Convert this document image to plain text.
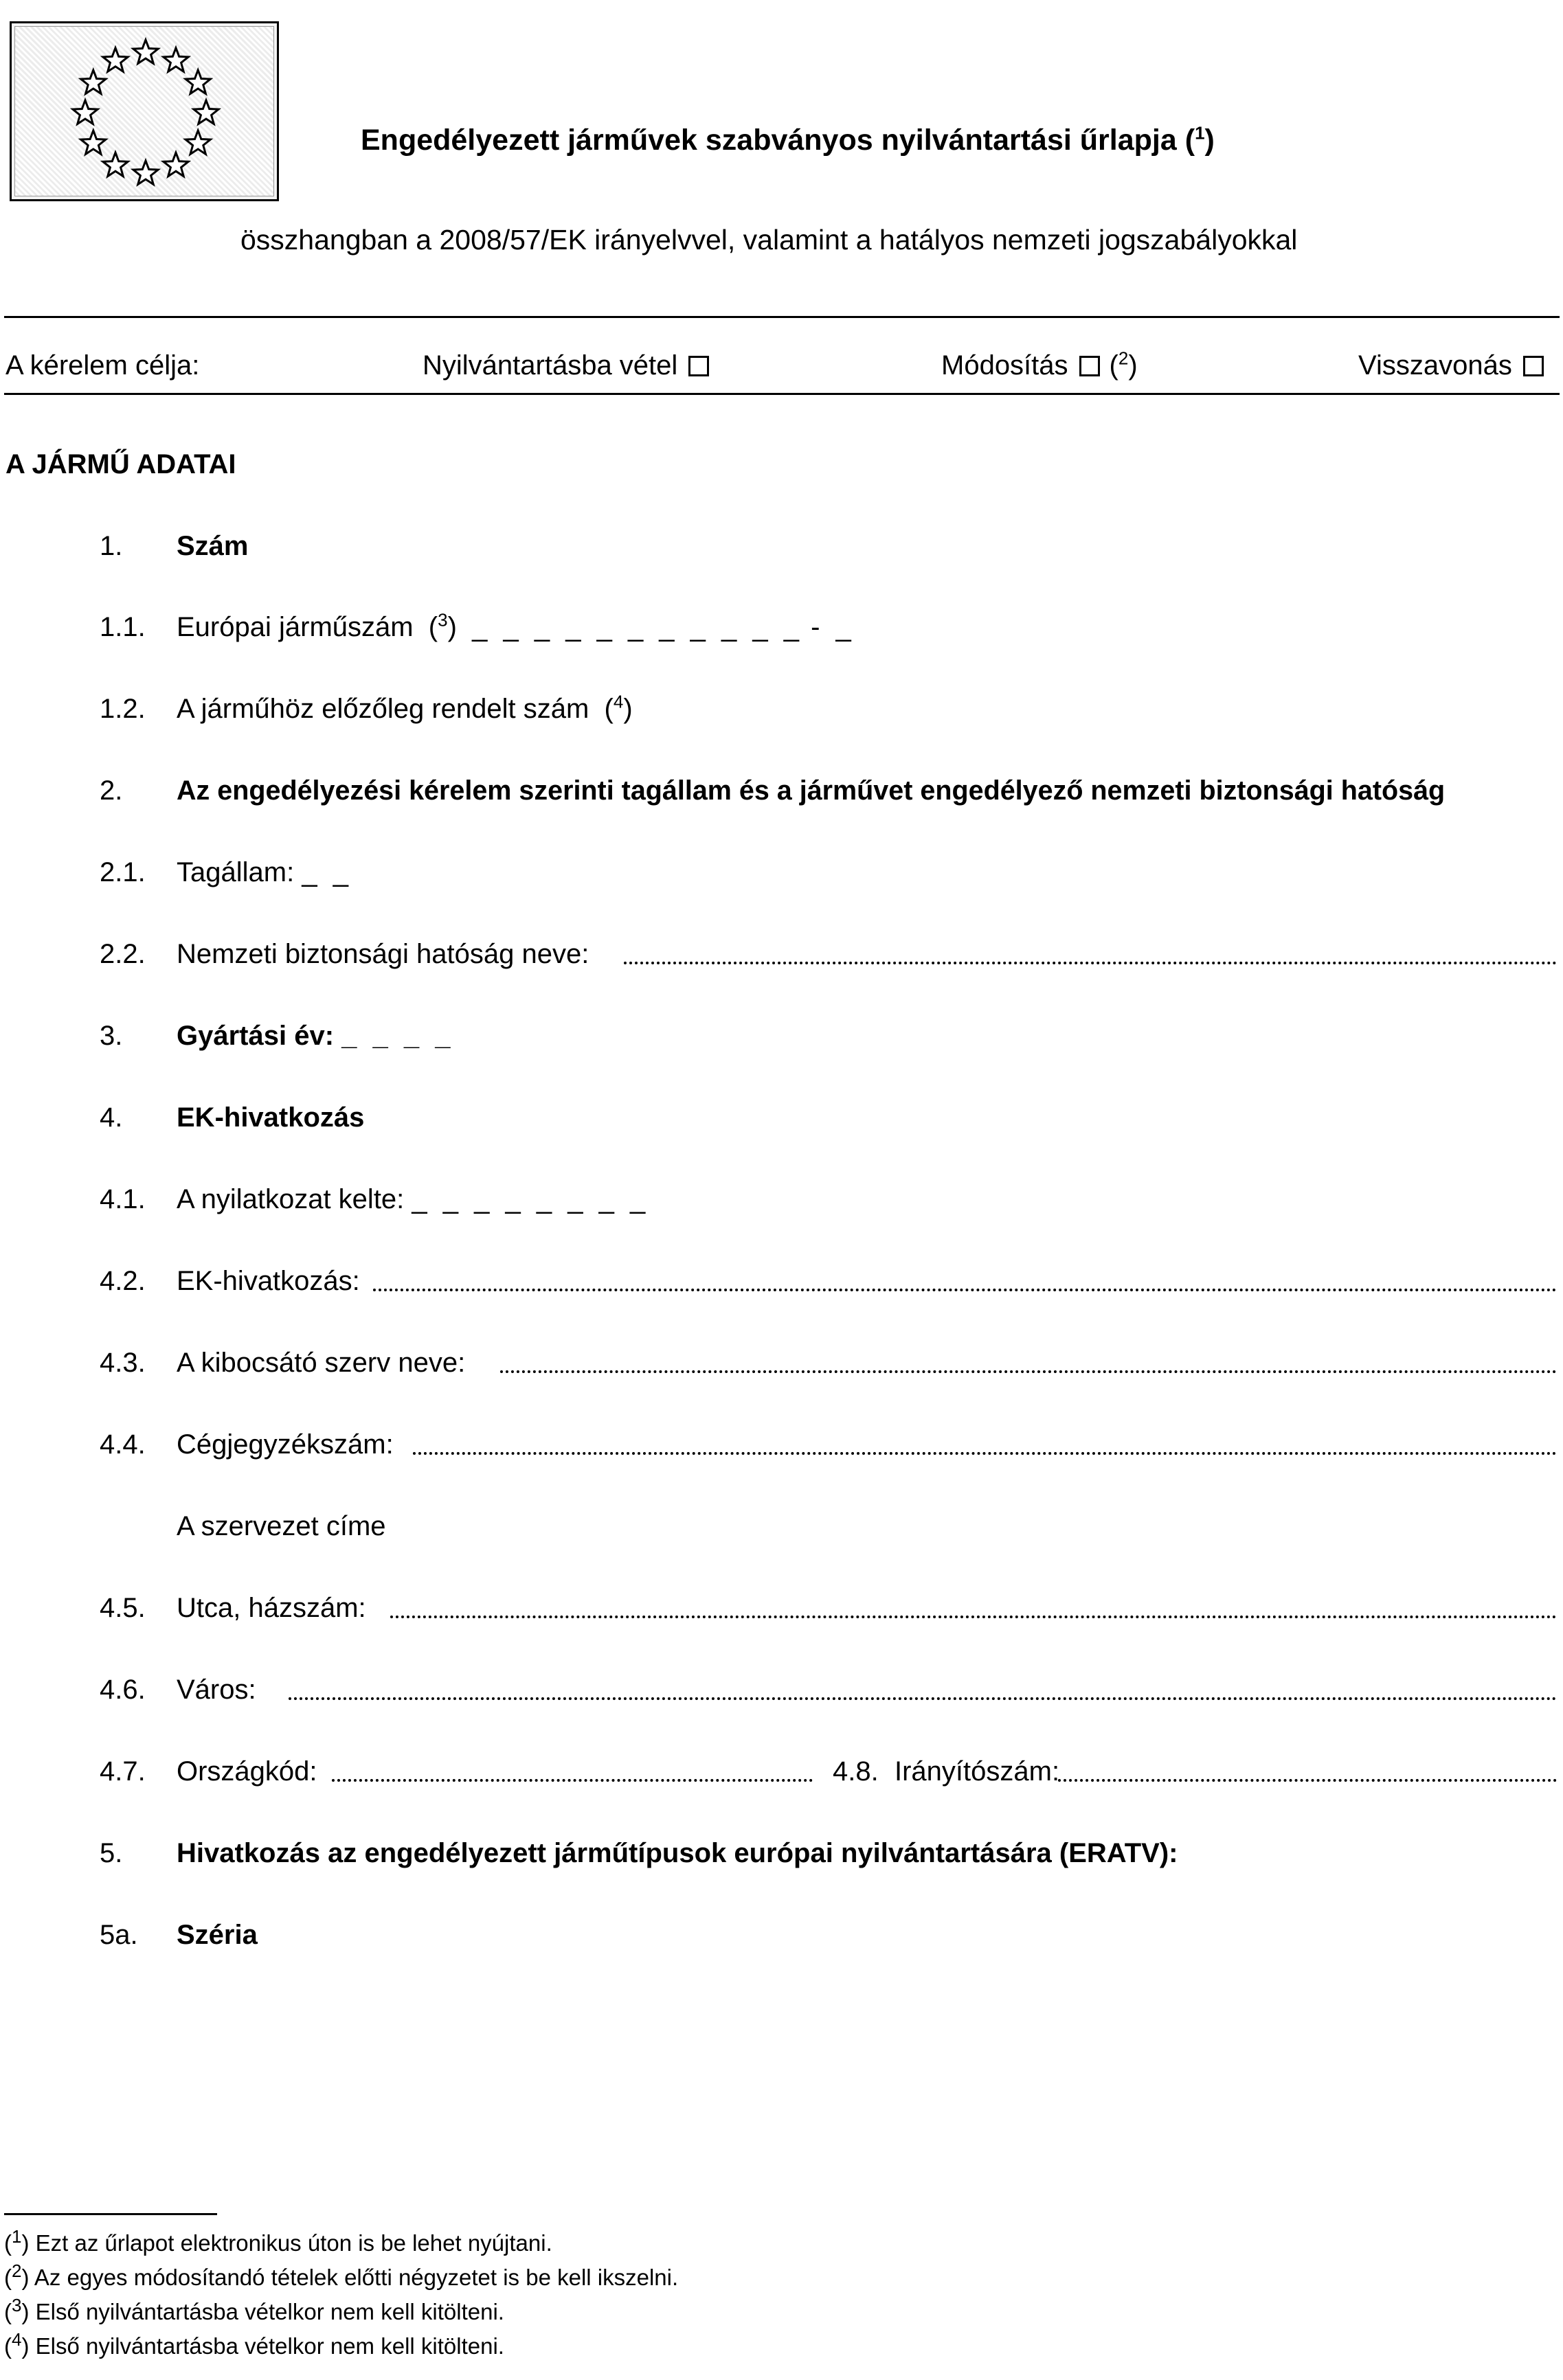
Engedélyezett járművek szabványos nyilvántartási űrlapja ($^1$)
összhangban a 2008/57/EK irányelvvel, valamint a hatályos nemzeti jogszabályokkal
A kérelem célja:	Nyilvántartásba vétel	Módosítás ($^2$)	Visszavonás
A JÁRMŰ ADATAI
1. Szám
1.1. Európai járműszám  ($^3$)  _ _ _ _ _ _ _ _ _ _ _ - _
1.2. A járműhöz előzőleg rendelt szám  ($^4$)
2. Az engedélyezési kérelem szerinti tagállam és a járművet engedélyező nemzeti biztonsági hatóság
2.1. Tagállam: _ _
2.2. Nemzeti biztonsági hatóság neve:
3. Gyártási év: _ _ _ _
4. EK-hivatkozás
4.1. A nyilatkozat kelte: _ _ _ _ _ _ _ _
4.2. EK-hivatkozás:
4.3. A kibocsátó szerv neve:
4.4. Cégjegyzékszám:
A szervezet címe
4.5. Utca, házszám:
4.6. Város:
4.7. Országkód:	4.8. Irányítószám:
5. Hivatkozás az engedélyezett járműtípusok európai nyilvántartására (ERATV):
5a. Széria
($^1$) Ezt az űrlapot elektronikus úton is be lehet nyújtani.
($^2$) Az egyes módosítandó tételek előtti négyzetet is be kell ikszelni.
($^3$) Első nyilvántartásba vételkor nem kell kitölteni.
($^4$) Első nyilvántartásba vételkor nem kell kitölteni.
